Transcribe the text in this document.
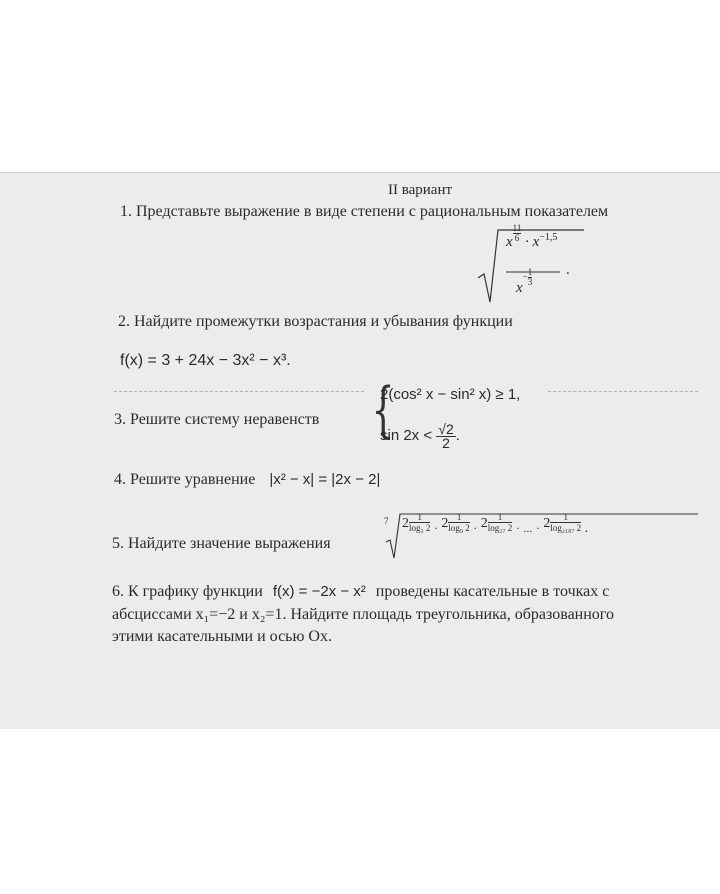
II вариант
1. Представьте выражение в виде степени с рациональным показателем
x $\frac{11}{6} \cdot x^{-1,5}$
$x- \frac{1}{3}$ .
2. Найдите промежутки возрастания и убывания функции
f(x) = 3 + 24x − 3x² − x³.
3. Решите систему неравенств {
2(cos² x − sin² x) ≥ 1,
$\sin 2x < \frac{√2}{2}$ .
4. Решите уравнение |x² − x| = |2x − 2|
5. Найдите значение выражения
7 $2 \frac{1}{\text{log₃ 2}} \cdot 2 \frac{1}{\text{log₉ 2}} \cdot 2 \frac{1}{\text{log₂₇ 2}}$ · ... · $2 \frac{1}{\text{log₂₁₈₇ 2}}$ .
6. К графику функции f(x) = −2x − x² проведены касательные в точках с
абсциссами x₁=−2 и x₂=1. Найдите площадь треугольника, образованного
этими касательными и осью Ox.
